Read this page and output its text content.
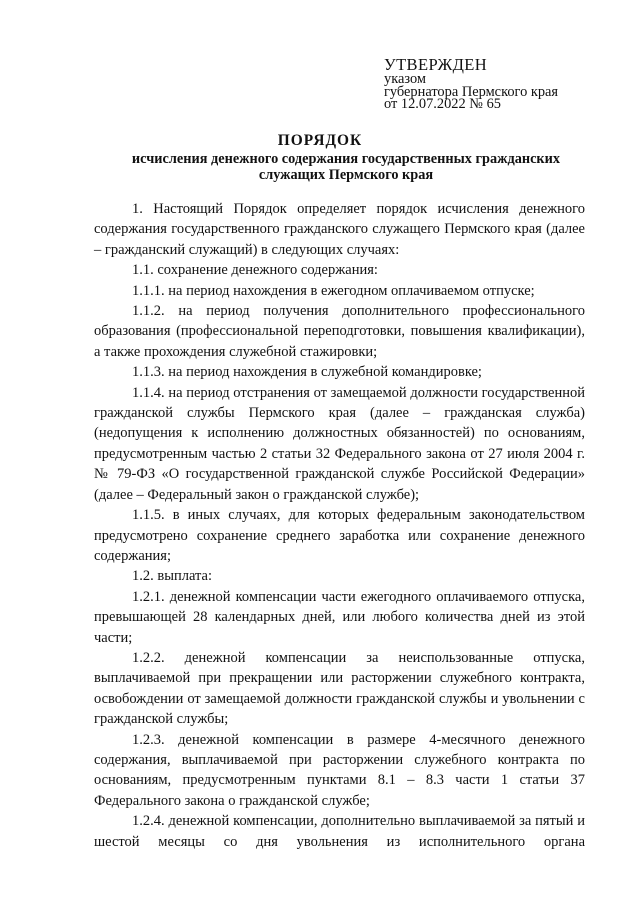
УТВЕРЖДЕН
указом
губернатора Пермского края
от 12.07.2022 № 65
ПОРЯДОК
исчисления денежного содержания государственных гражданских служащих Пермского края

1. Настоящий Порядок определяет порядок исчисления денежного содержания государственного гражданского служащего Пермского края (далее – гражданский служащий) в следующих случаях:

1.1. сохранение денежного содержания:

1.1.1. на период нахождения в ежегодном оплачиваемом отпуске;

1.1.2. на период получения дополнительного профессионального образования (профессиональной переподготовки, повышения квалификации), а также прохождения служебной стажировки;

1.1.3. на период нахождения в служебной командировке;

1.1.4. на период отстранения от замещаемой должности государственной гражданской службы Пермского края (далее – гражданская служба) (недопущения к исполнению должностных обязанностей) по основаниям, предусмотренным частью 2 статьи 32 Федерального закона от 27 июля 2004 г. № 79-ФЗ «О государственной гражданской службе Российской Федерации» (далее – Федеральный закон о гражданской службе);

1.1.5. в иных случаях, для которых федеральным законодательством предусмотрено сохранение среднего заработка или сохранение денежного содержания;

1.2. выплата:

1.2.1. денежной компенсации части ежегодного оплачиваемого отпуска, превышающей 28 календарных дней, или любого количества дней из этой части;

1.2.2. денежной компенсации за неиспользованные отпуска, выплачиваемой при прекращении или расторжении служебного контракта, освобождении от замещаемой должности гражданской службы и увольнении с гражданской службы;

1.2.3. денежной компенсации в размере 4-месячного денежного содержания, выплачиваемой при расторжении служебного контракта по основаниям, предусмотренным пунктами 8.1 – 8.3 части 1 статьи 37 Федерального закона о гражданской службе;

1.2.4. денежной компенсации, дополнительно выплачиваемой за пятый и шестой месяцы со дня увольнения из исполнительного органа
